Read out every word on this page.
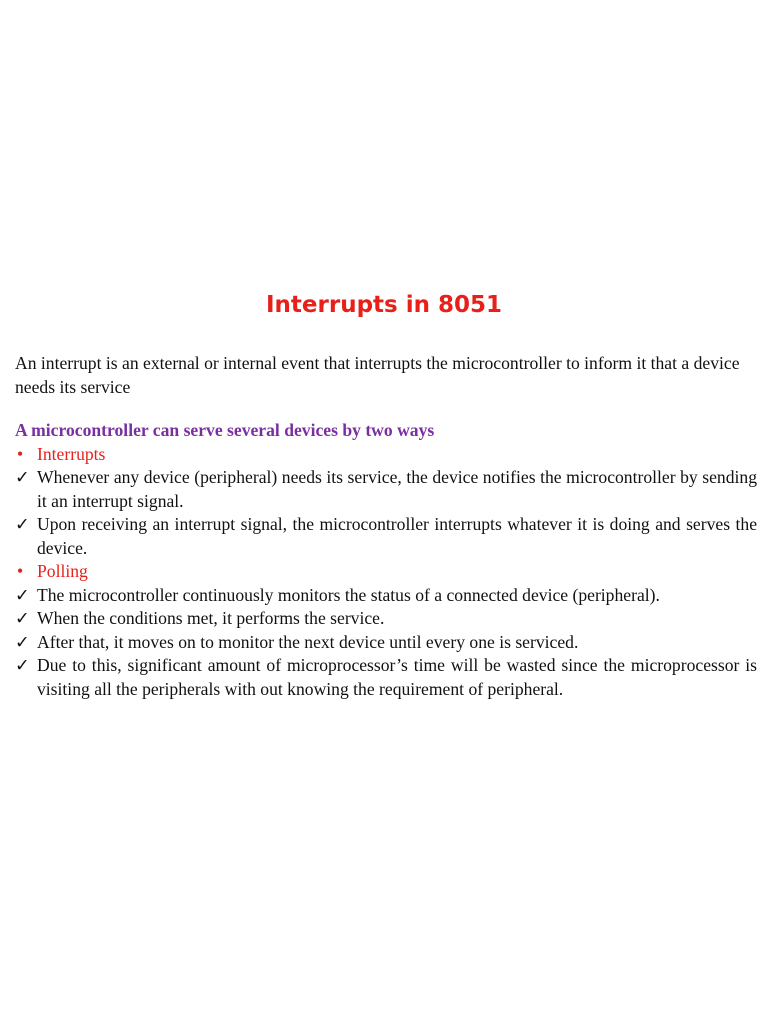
Interrupts in 8051

An interrupt is an external or internal event that interrupts the microcontroller to inform it that a device needs its service

A microcontroller can serve several devices by two ways

• Interrupts
✓ Whenever any device (peripheral) needs its service, the device notifies the microcontroller by sending it an interrupt signal.
✓ Upon receiving an interrupt signal, the microcontroller interrupts whatever it is doing and serves the device.
• Polling
✓ The microcontroller continuously monitors the status of a connected device (peripheral).
✓ When the conditions met, it performs the service.
✓ After that, it moves on to monitor the next device until every one is serviced.
✓ Due to this, significant amount of microprocessor’s time will be wasted since the microprocessor is visiting all the peripherals with out knowing the requirement of peripheral.
